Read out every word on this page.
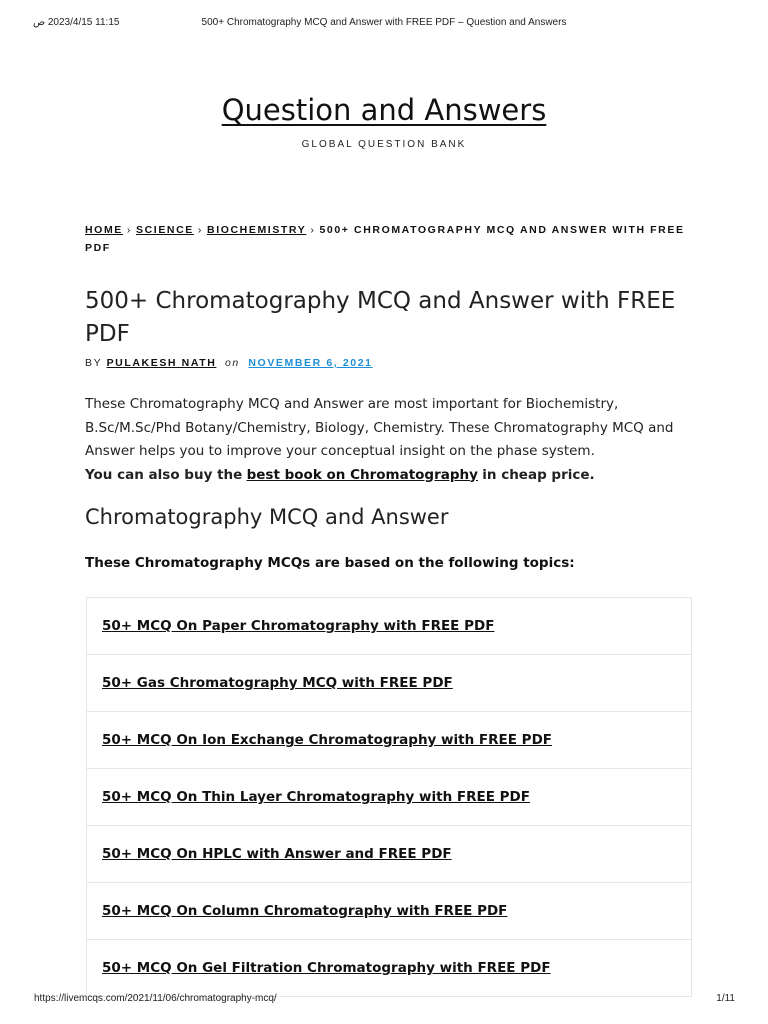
11:15 2023/4/15 ص	500+ Chromatography MCQ and Answer with FREE PDF – Question and Answers
Question and Answers
GLOBAL QUESTION BANK
HOME › SCIENCE › BIOCHEMISTRY › 500+ CHROMATOGRAPHY MCQ AND ANSWER WITH FREE PDF
500+ Chromatography MCQ and Answer with FREE PDF
BY PULAKESH NATH on NOVEMBER 6, 2021

These Chromatography MCQ and Answer are most important for Biochemistry, B.Sc/M.Sc/Phd Botany/Chemistry, Biology, Chemistry. These Chromatography MCQ and Answer helps you to improve your conceptual insight on the phase system.
You can also buy the best book on Chromatography in cheap price.

Chromatography MCQ and Answer

These Chromatography MCQs are based on the following topics:

50+ MCQ On Paper Chromatography with FREE PDF
50+ Gas Chromatography MCQ with FREE PDF
50+ MCQ On Ion Exchange Chromatography with FREE PDF
50+ MCQ On Thin Layer Chromatography with FREE PDF
50+ MCQ On HPLC with Answer and FREE PDF
50+ MCQ On Column Chromatography with FREE PDF
50+ MCQ On Gel Filtration Chromatography with FREE PDF
https://livemcqs.com/2021/11/06/chromatography-mcq/	1/11
